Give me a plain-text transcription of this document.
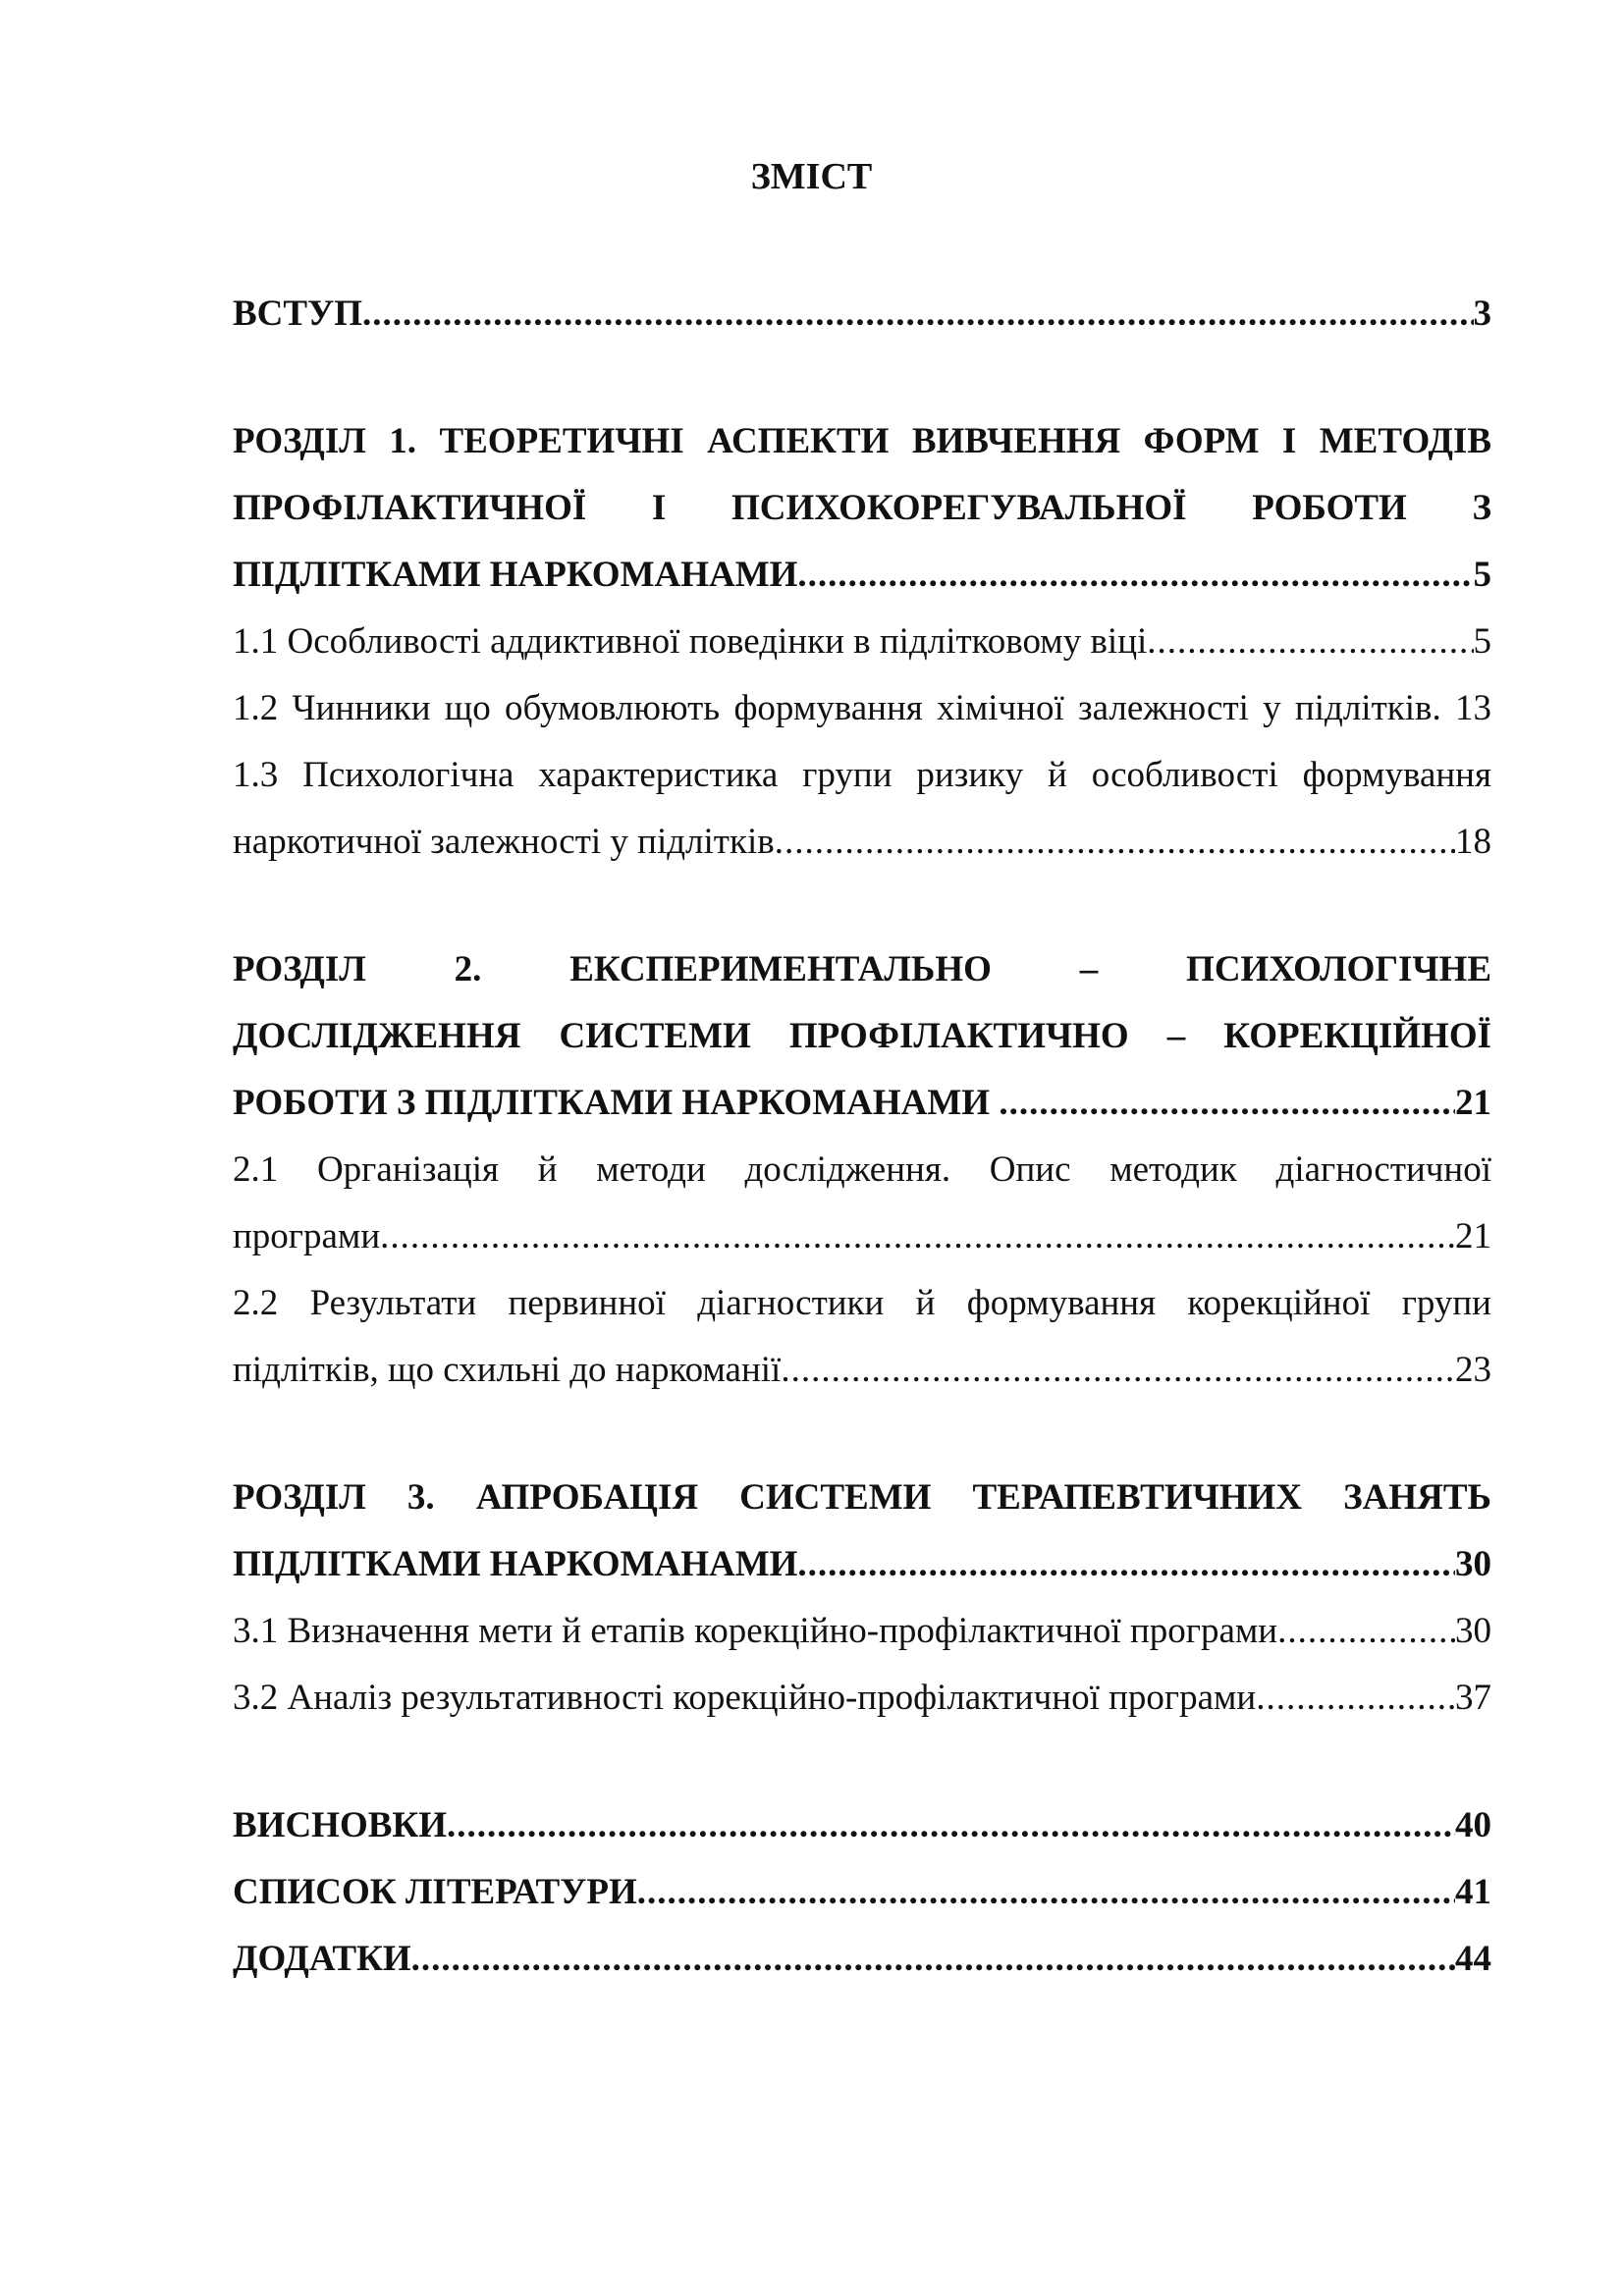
ЗМІСТ
ВСТУП .....	3
РОЗДІЛ 1. ТЕОРЕТИЧНІ АСПЕКТИ ВИВЧЕННЯ ФОРМ І МЕТОДІВ
ПРОФІЛАКТИЧНОЇ І ПСИХОКОРЕГУВАЛЬНОЇ РОБОТИ З
ПІДЛІТКАМИ НАРКОМАНАМИ .....	5
1.1 Особливості аддиктивної поведінки в підлітковому віці .....	5
1.2 Чинники що обумовлюють формування хімічної залежності у підлітків. 13
1.3 Психологічна характеристика групи ризику й особливості формування
наркотичної залежності у підлітків .....	18
РОЗДІЛ 2. ЕКСПЕРИМЕНТАЛЬНО – ПСИХОЛОГІЧНЕ
ДОСЛІДЖЕННЯ СИСТЕМИ ПРОФІЛАКТИЧНО – КОРЕКЦІЙНОЇ
РОБОТИ З ПІДЛІТКАМИ НАРКОМАНАМИ .....	21
2.1 Організація й методи дослідження. Опис методик діагностичної
програми .....	21
2.2 Результати первинної діагностики й формування корекційної групи
підлітків, що схильні до наркоманії .....	23
РОЗДІЛ 3. АПРОБАЦІЯ СИСТЕМИ ТЕРАПЕВТИЧНИХ ЗАНЯТЬ
ПІДЛІТКАМИ НАРКОМАНАМИ .....	30
3.1 Визначення мети й етапів корекційно-профілактичної програми .....	30
3.2 Аналіз результативності корекційно-профілактичної програми .....	37
ВИСНОВКИ .....	40
СПИСОК ЛІТЕРАТУРИ .....	41
ДОДАТКИ .....	44
